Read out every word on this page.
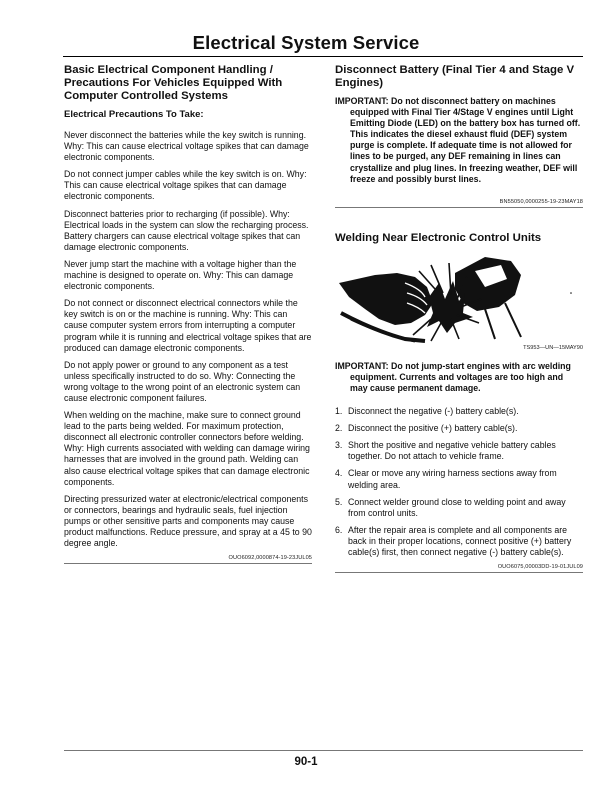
Electrical System Service
Basic Electrical Component Handling / Precautions For Vehicles Equipped With Computer Controlled Systems
Electrical Precautions To Take:

Never disconnect the batteries while the key switch is running. Why: This can cause electrical voltage spikes that can damage electronic components.

Do not connect jumper cables while the key switch is on. Why: This can cause electrical voltage spikes that can damage electronic components.

Disconnect batteries prior to recharging (if possible). Why: Electrical loads in the system can slow the recharging process. Battery chargers can cause electrical voltage spikes that can damage electronic components.

Never jump start the machine with a voltage higher than the machine is designed to operate on. Why: This can damage electronic components.

Do not connect or disconnect electrical connectors while the key switch is on or the machine is running. Why: This can cause computer system errors from interrupting a computer program while it is running and electrical voltage spikes that are produced can damage electronic components.

Do not apply power or ground to any component as a test unless specifically instructed to do so. Why: Connecting the wrong voltage to the wrong point of an electronic system can cause electronic component failures.

When welding on the machine, make sure to connect ground lead to the parts being welded. For maximum protection, disconnect all electronic controller connectors before welding. Why: High currents associated with welding can damage wiring harnesses that are involved in the ground path. Welding can also cause electrical voltage spikes that can damage electronic components.

Directing pressurized water at electronic/electrical components or connectors, bearings and hydraulic seals, fuel injection pumps or other sensitive parts and components may cause product malfunctions. Reduce pressure, and spray at a 45 to 90 degree angle.

OUO6092,0000874-19-23JUL05
Disconnect Battery (Final Tier 4 and Stage V Engines)

IMPORTANT: Do not disconnect battery on machines equipped with Final Tier 4/Stage V engines until Light Emitting Diode (LED) on the battery box has turned off. This indicates the diesel exhaust fluid (DEF) system purge is complete. If adequate time is not allowed for lines to be purged, any DEF remaining in lines can crystallize and plug lines. In freezing weather, DEF will freeze and possibly burst lines.

BN55050,0000255-19-23MAY18
Welding Near Electronic Control Units
TS953—UN—15MAY90

IMPORTANT: Do not jump-start engines with arc welding equipment. Currents and voltages are too high and may cause permanent damage.

1. Disconnect the negative (-) battery cable(s).
2. Disconnect the positive (+) battery cable(s).
3. Short the positive and negative vehicle battery cables together. Do not attach to vehicle frame.
4. Clear or move any wiring harness sections away from welding area.
5. Connect welder ground close to welding point and away from control units.
6. After the repair area is complete and all components are back in their proper locations, connect positive (+) battery cable(s) first, then connect negative (-) battery cable(s).
OUO6075,00003DD-19-01JUL09
90-1
